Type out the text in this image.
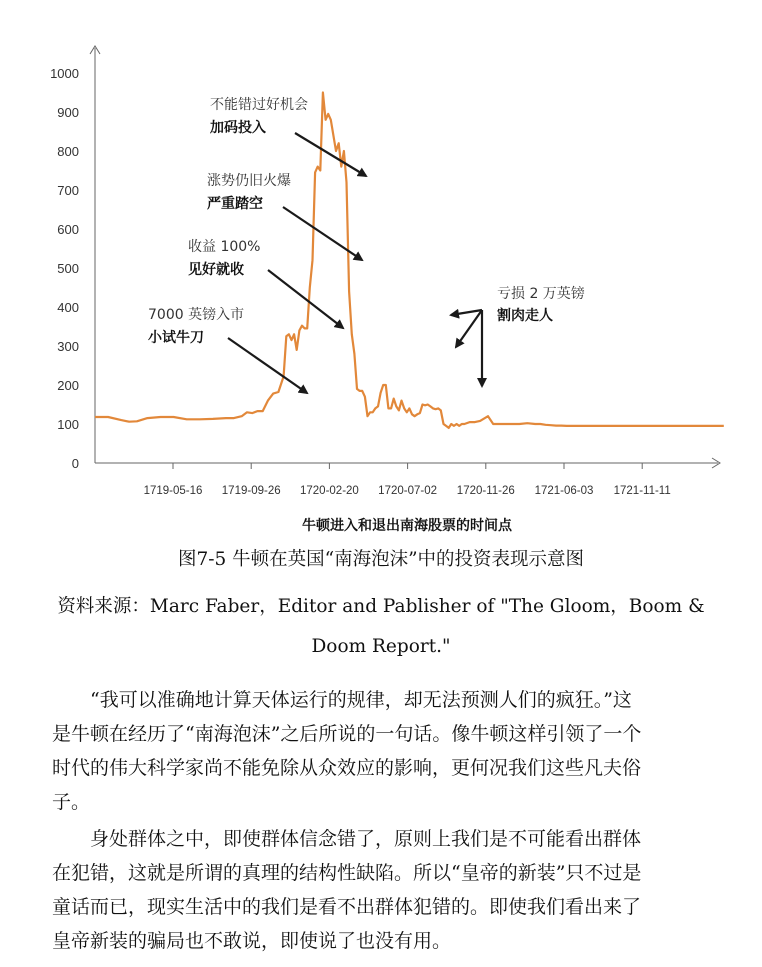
0
100
200
300
400
500
600
700
800
900
1000
1719-05-16 1719-09-26 1720-02-20 1720-07-02 1720-11-26 1721-06-03 1721-11-11
不能错过好机会
加码投入
涨势仍旧火爆
严重踏空
收益 100%
见好就收
7000 英镑入市
小试牛刀
亏损 2 万英镑
割肉走人
牛顿进入和退出南海股票的时间点
图7-5 牛顿在英国“南海泡沫”中的投资表现示意图
资料来源：Marc Faber，Editor and Pablisher of "The Gloom，Boom &
Doom Report."
“我可以准确地计算天体运行的规律，却无法预测人们的疯狂。”这
是牛顿在经历了“南海泡沫”之后所说的一句话。像牛顿这样引领了一个
时代的伟大科学家尚不能免除从众效应的影响，更何况我们这些凡夫俗
子。
身处群体之中，即使群体信念错了，原则上我们是不可能看出群体
在犯错，这就是所谓的真理的结构性缺陷。所以“皇帝的新装”只不过是
童话而已，现实生活中的我们是看不出群体犯错的。即使我们看出来了
皇帝新装的骗局也不敢说，即使说了也没有用。
